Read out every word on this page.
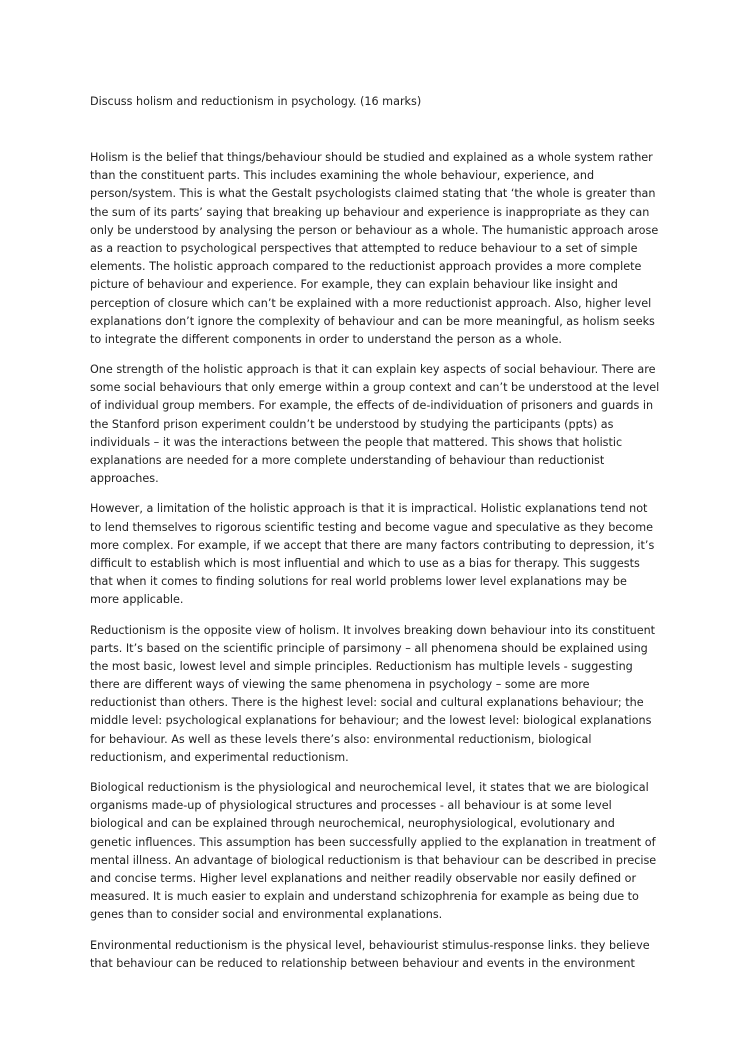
Discuss holism and reductionism in psychology. (16 marks)
Holism is the belief that things/behaviour should be studied and explained as a whole system rather
than the constituent parts. This includes examining the whole behaviour, experience, and
person/system. This is what the Gestalt psychologists claimed stating that ‘the whole is greater than
the sum of its parts’ saying that breaking up behaviour and experience is inappropriate as they can
only be understood by analysing the person or behaviour as a whole. The humanistic approach arose
as a reaction to psychological perspectives that attempted to reduce behaviour to a set of simple
elements. The holistic approach compared to the reductionist approach provides a more complete
picture of behaviour and experience. For example, they can explain behaviour like insight and
perception of closure which can’t be explained with a more reductionist approach. Also, higher level
explanations don’t ignore the complexity of behaviour and can be more meaningful, as holism seeks
to integrate the different components in order to understand the person as a whole.
One strength of the holistic approach is that it can explain key aspects of social behaviour. There are
some social behaviours that only emerge within a group context and can’t be understood at the level
of individual group members. For example, the effects of de-individuation of prisoners and guards in
the Stanford prison experiment couldn’t be understood by studying the participants (ppts) as
individuals – it was the interactions between the people that mattered. This shows that holistic
explanations are needed for a more complete understanding of behaviour than reductionist
approaches.
However, a limitation of the holistic approach is that it is impractical. Holistic explanations tend not
to lend themselves to rigorous scientific testing and become vague and speculative as they become
more complex. For example, if we accept that there are many factors contributing to depression, it’s
difficult to establish which is most influential and which to use as a bias for therapy. This suggests
that when it comes to finding solutions for real world problems lower level explanations may be
more applicable.
Reductionism is the opposite view of holism. It involves breaking down behaviour into its constituent
parts. It’s based on the scientific principle of parsimony – all phenomena should be explained using
the most basic, lowest level and simple principles. Reductionism has multiple levels - suggesting
there are different ways of viewing the same phenomena in psychology – some are more
reductionist than others. There is the highest level: social and cultural explanations behaviour; the
middle level: psychological explanations for behaviour; and the lowest level: biological explanations
for behaviour. As well as these levels there’s also: environmental reductionism, biological
reductionism, and experimental reductionism.
Biological reductionism is the physiological and neurochemical level, it states that we are biological
organisms made-up of physiological structures and processes - all behaviour is at some level
biological and can be explained through neurochemical, neurophysiological, evolutionary and
genetic influences. This assumption has been successfully applied to the explanation in treatment of
mental illness. An advantage of biological reductionism is that behaviour can be described in precise
and concise terms. Higher level explanations and neither readily observable nor easily defined or
measured. It is much easier to explain and understand schizophrenia for example as being due to
genes than to consider social and environmental explanations.
Environmental reductionism is the physical level, behaviourist stimulus-response links. they believe
that behaviour can be reduced to relationship between behaviour and events in the environment
